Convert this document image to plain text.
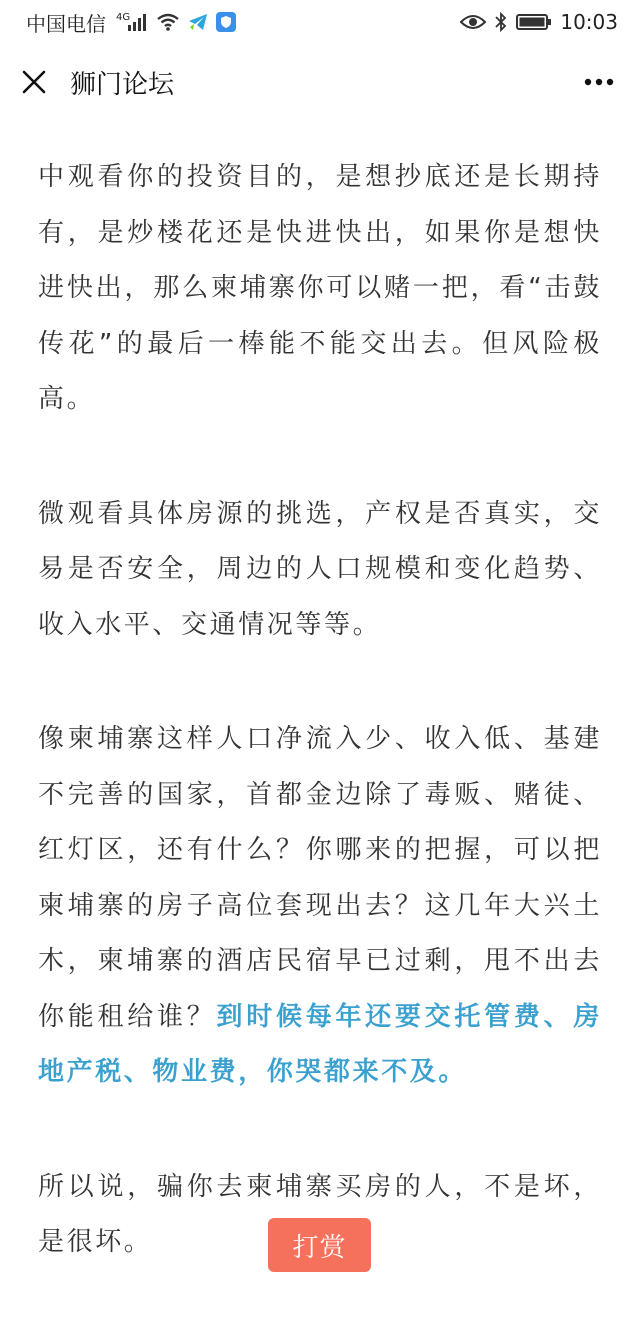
中国电信 4G	10:03
狮门论坛

中观看你的投资目的，是想抄底还是长期持有，是炒楼花还是快进快出，如果你是想快进快出，那么柬埔寨你可以赌一把，看“击鼓传花”的最后一棒能不能交出去。但风险极高。

微观看具体房源的挑选，产权是否真实，交易是否安全，周边的人口规模和变化趋势、收入水平、交通情况等等。

像柬埔寨这样人口净流入少、收入低、基建不完善的国家，首都金边除了毒贩、赌徒、红灯区，还有什么？你哪来的把握，可以把柬埔寨的房子高位套现出去？这几年大兴土木，柬埔寨的酒店民宿早已过剩，甩不出去你能租给谁？到时候每年还要交托管费、房地产税、物业费，你哭都来不及。

所以说，骗你去柬埔寨买房的人，不是坏，是很坏。	打赏
